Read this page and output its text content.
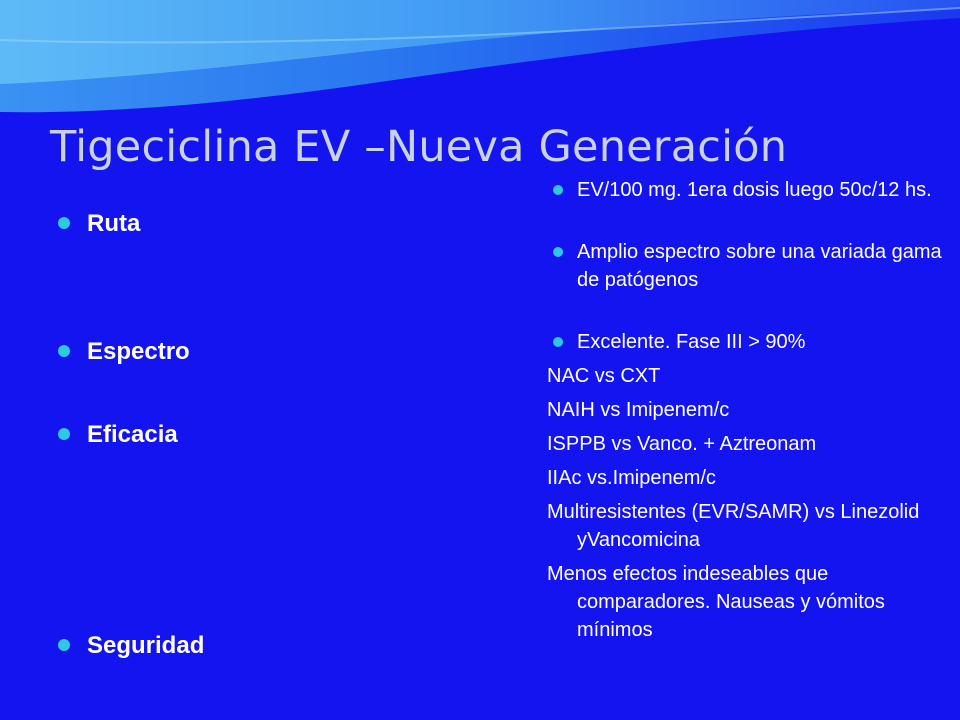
Tigeciclina EV –Nueva Generación
Ruta
Espectro
Eficacia
Seguridad
EV/100 mg. 1era dosis luego 50c/12 hs.
Amplio espectro sobre una variada gama de patógenos
Excelente. Fase III > 90%
NAC vs CXT
NAIH vs Imipenem/c
ISPPB vs Vanco. + Aztreonam
IIAc vs.Imipenem/c
Multiresistentes (EVR/SAMR) vs Linezolid yVancomicina
Menos efectos indeseables que comparadores. Nauseas y vómitos mínimos
